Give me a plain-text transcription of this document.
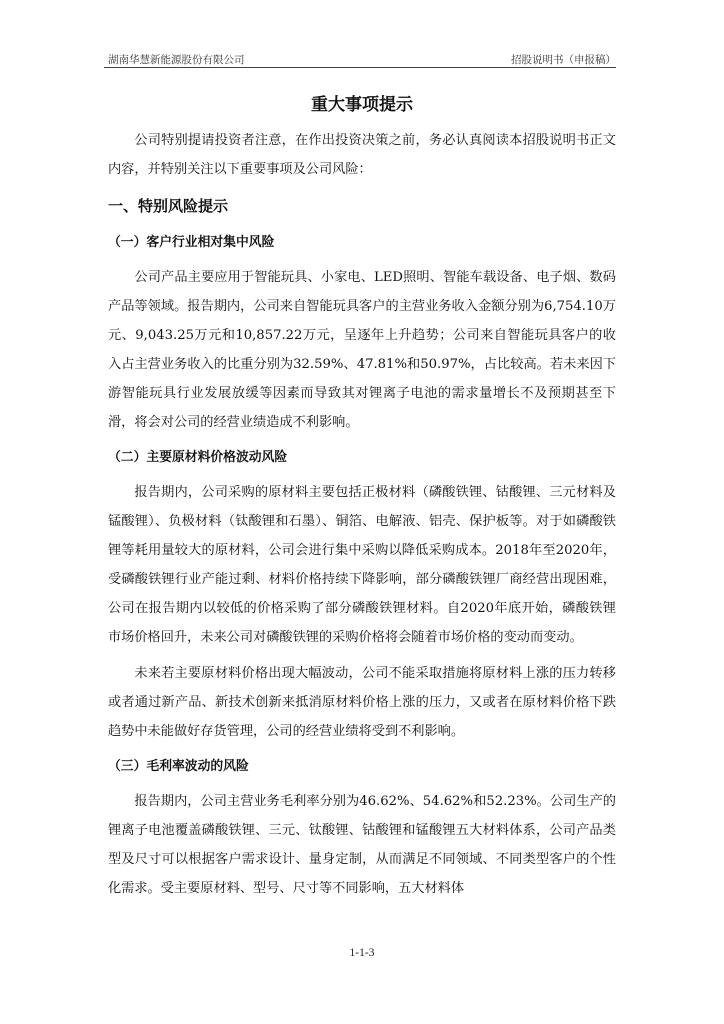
湖南华慧新能源股份有限公司	招股说明书（申报稿）
重大事项提示

公司特别提请投资者注意，在作出投资决策之前，务必认真阅读本招股说明书正文内容，并特别关注以下重要事项及公司风险：

一、特别风险提示
（一）客户行业相对集中风险

公司产品主要应用于智能玩具、小家电、LED照明、智能车载设备、电子烟、数码产品等领域。报告期内，公司来自智能玩具客户的主营业务收入金额分别为6,754.10万元、9,043.25万元和10,857.22万元，呈逐年上升趋势；公司来自智能玩具客户的收入占主营业务收入的比重分别为32.59%、47.81%和50.97%，占比较高。若未来因下游智能玩具行业发展放缓等因素而导致其对锂离子电池的需求量增长不及预期甚至下滑，将会对公司的经营业绩造成不利影响。

（二）主要原材料价格波动风险

报告期内，公司采购的原材料主要包括正极材料（磷酸铁锂、钴酸锂、三元材料及锰酸锂）、负极材料（钛酸锂和石墨）、铜箔、电解液、铝壳、保护板等。对于如磷酸铁锂等耗用量较大的原材料，公司会进行集中采购以降低采购成本。2018年至2020年，受磷酸铁锂行业产能过剩、材料价格持续下降影响，部分磷酸铁锂厂商经营出现困难，公司在报告期内以较低的价格采购了部分磷酸铁锂材料。自2020年底开始，磷酸铁锂市场价格回升，未来公司对磷酸铁锂的采购价格将会随着市场价格的变动而变动。

未来若主要原材料价格出现大幅波动，公司不能采取措施将原材料上涨的压力转移或者通过新产品、新技术创新来抵消原材料价格上涨的压力，又或者在原材料价格下跌趋势中未能做好存货管理，公司的经营业绩将受到不利影响。

（三）毛利率波动的风险

报告期内，公司主营业务毛利率分别为46.62%、54.62%和52.23%。公司生产的锂离子电池覆盖磷酸铁锂、三元、钛酸锂、钴酸锂和锰酸锂五大材料体系，公司产品类型及尺寸可以根据客户需求设计、量身定制，从而满足不同领域、不同类型客户的个性化需求。受主要原材料、型号、尺寸等不同影响，五大材料体

1-1-3
